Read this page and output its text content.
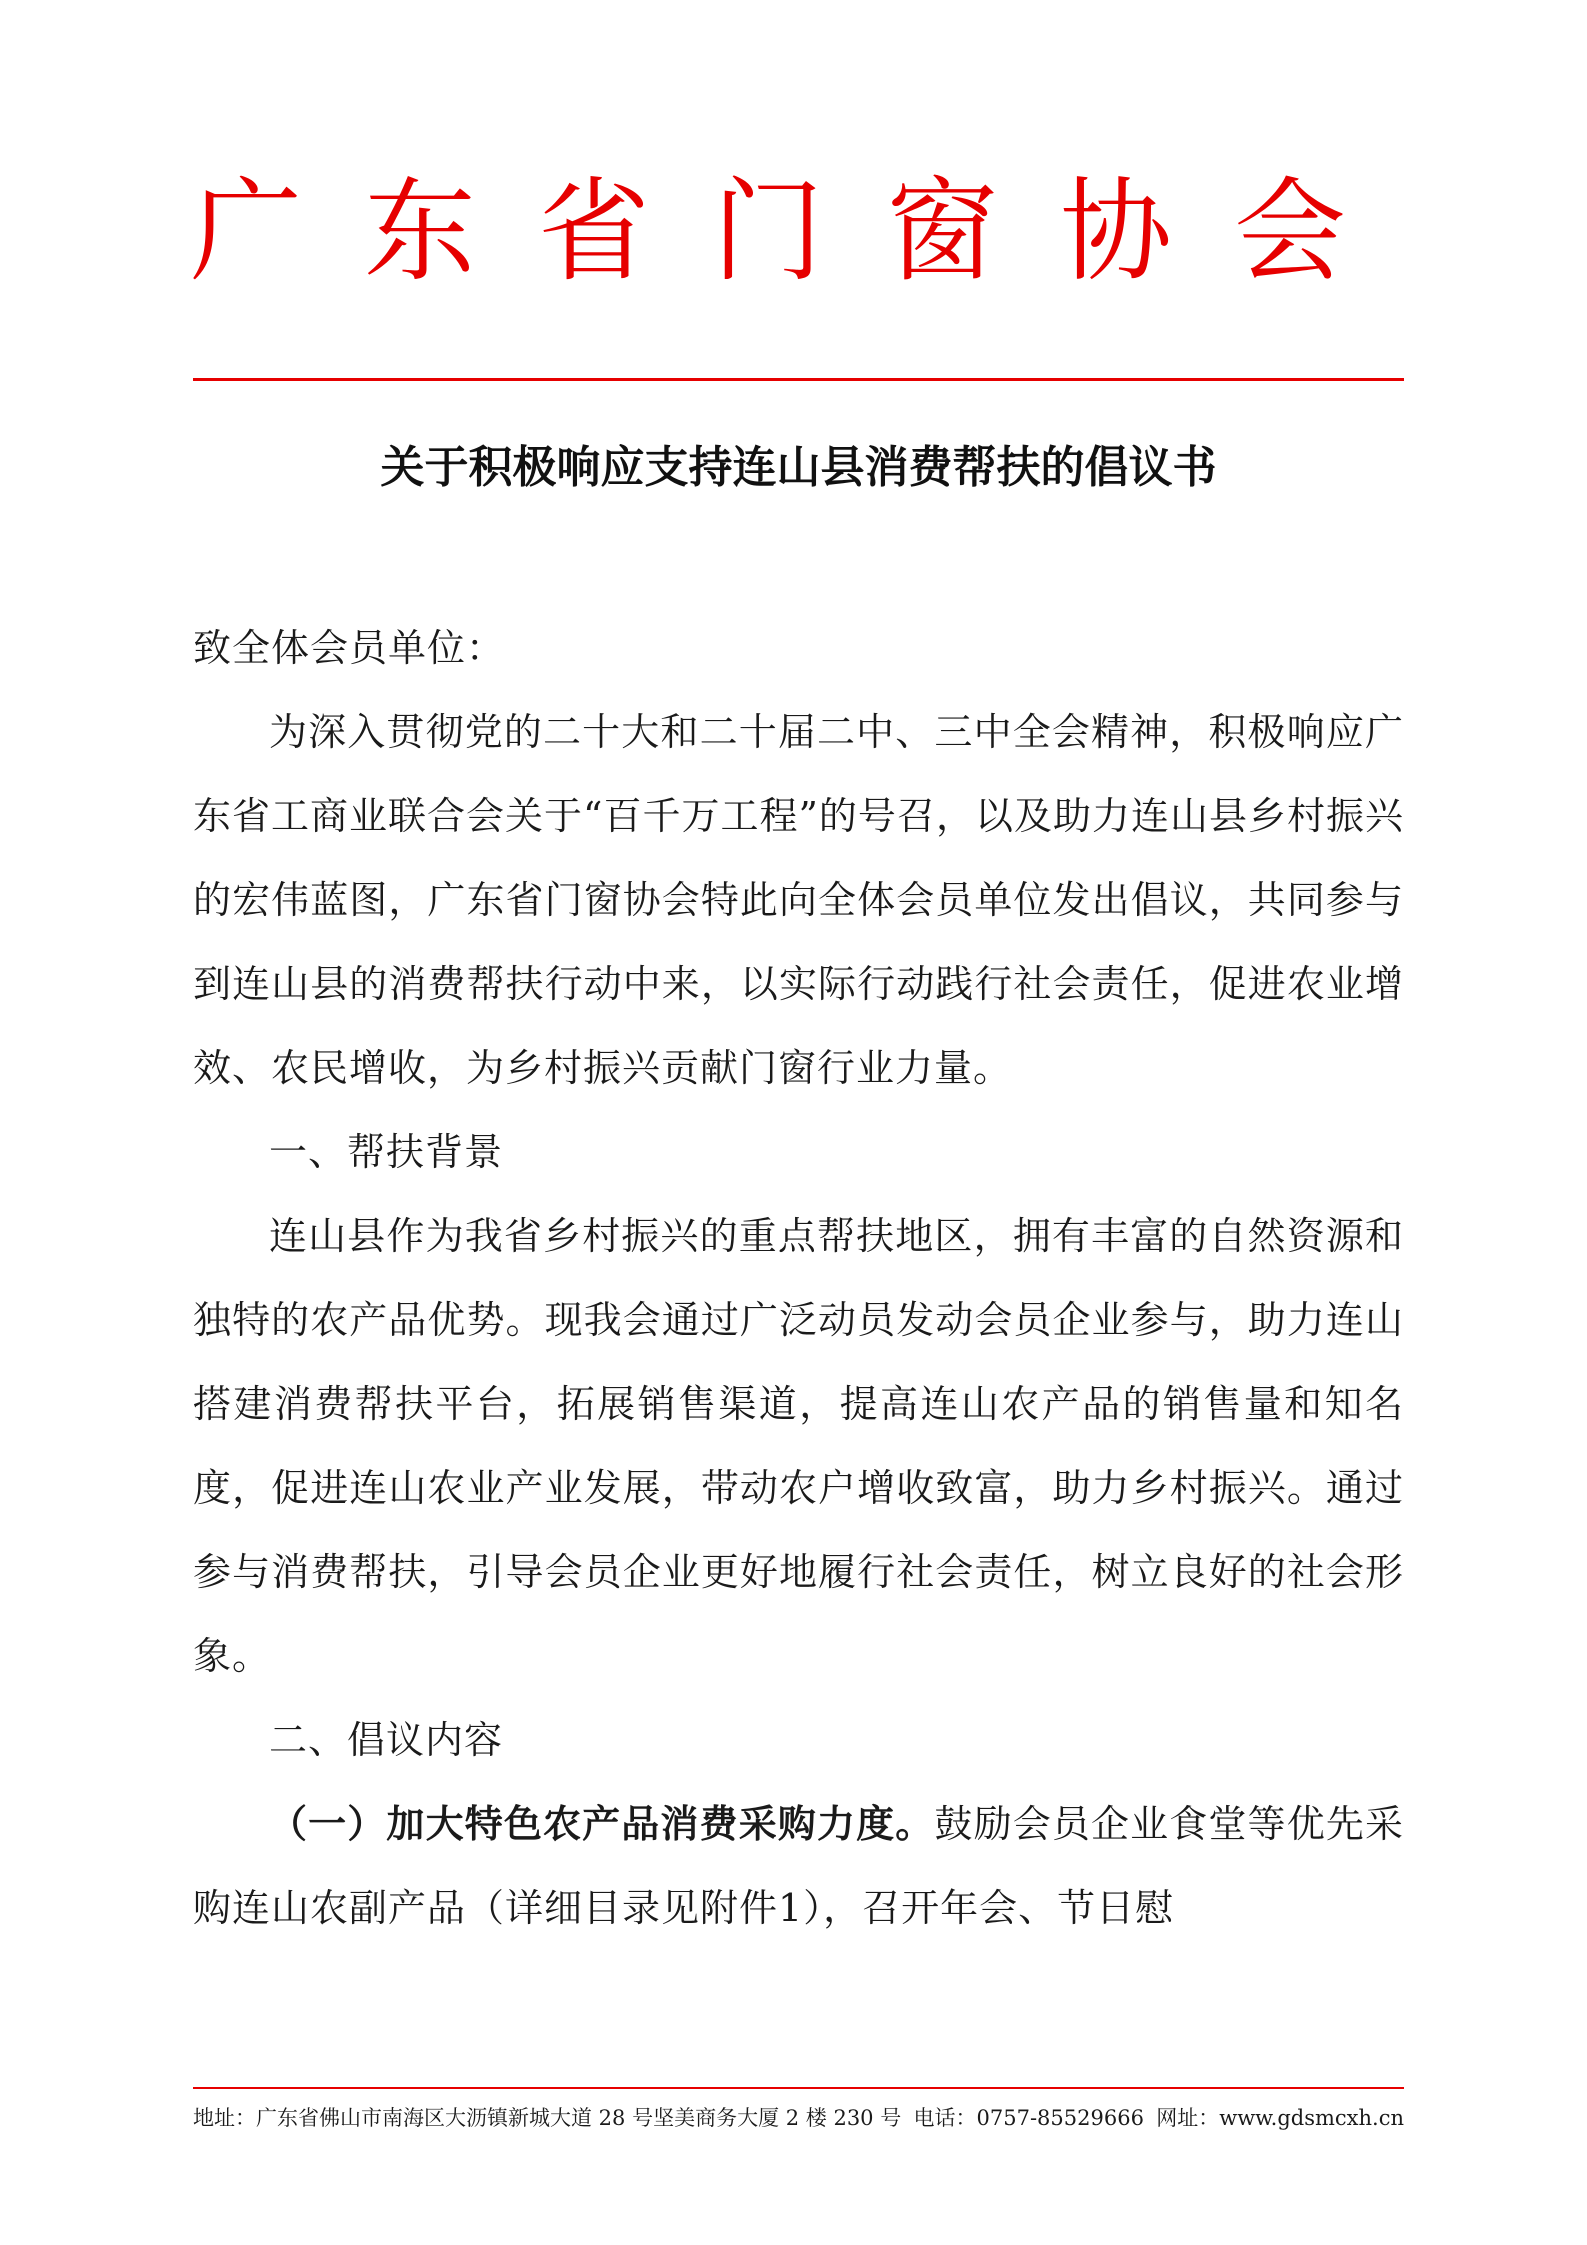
广东省门窗协会
关于积极响应支持连山县消费帮扶的倡议书

致全体会员单位：

为深入贯彻党的二十大和二十届二中、三中全会精神，积极响应广东省工商业联合会关于“百千万工程”的号召，以及助力连山县乡村振兴的宏伟蓝图，广东省门窗协会特此向全体会员单位发出倡议，共同参与到连山县的消费帮扶行动中来，以实际行动践行社会责任，促进农业增效、农民增收，为乡村振兴贡献门窗行业力量。

一、帮扶背景

连山县作为我省乡村振兴的重点帮扶地区，拥有丰富的自然资源和独特的农产品优势。现我会通过广泛动员发动会员企业参与，助力连山搭建消费帮扶平台，拓展销售渠道，提高连山农产品的销售量和知名度，促进连山农业产业发展，带动农户增收致富，助力乡村振兴。通过参与消费帮扶，引导会员企业更好地履行社会责任，树立良好的社会形象。

二、倡议内容

（一）加大特色农产品消费采购力度。鼓励会员企业食堂等优先采购连山农副产品（详细目录见附件1），召开年会、节日慰

地址：广东省佛山市南海区大沥镇新城大道 28 号坚美商务大厦 2 楼 230 号 电话：0757-85529666 网址：www.gdsmcxh.cn
